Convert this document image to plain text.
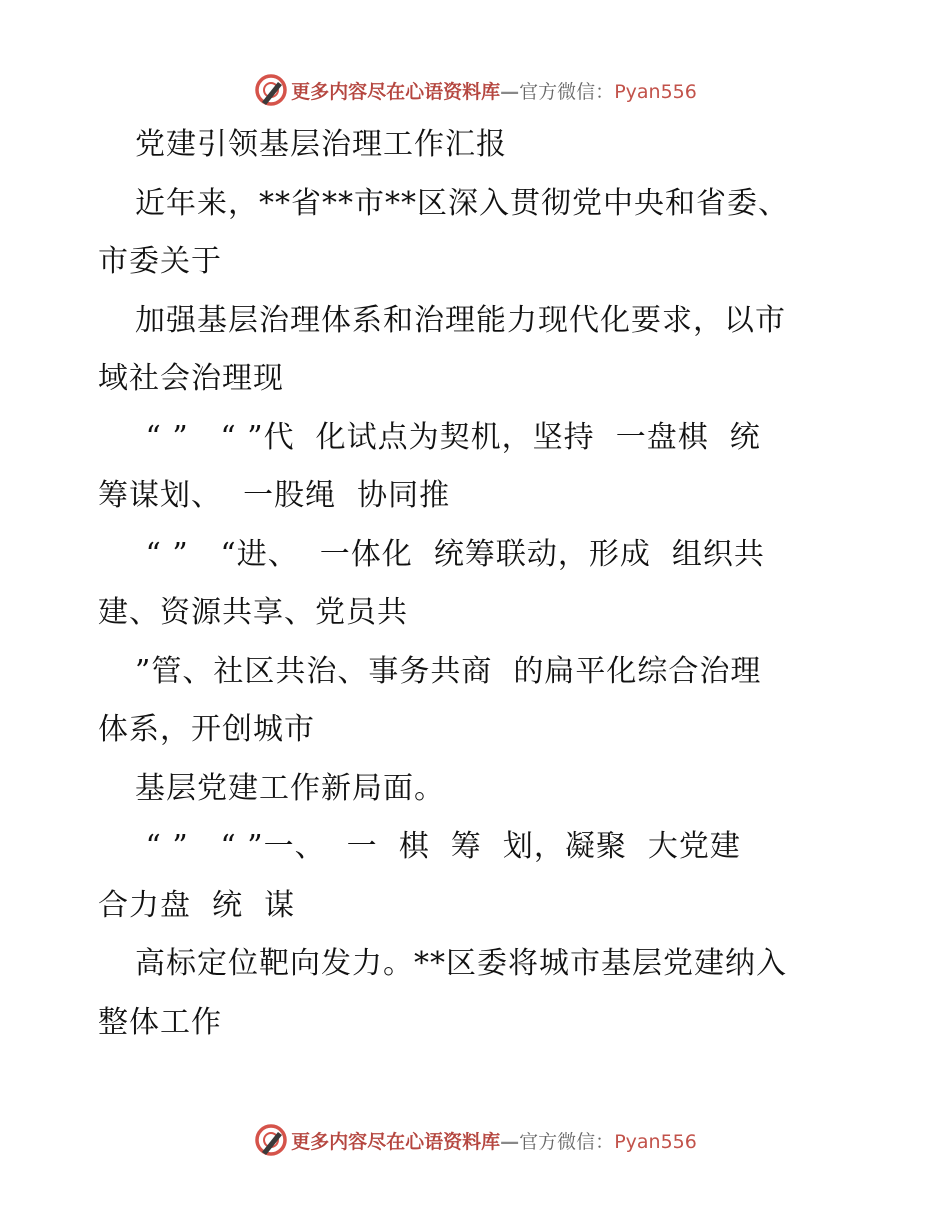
更多内容尽在心语资料库—官方微信：Pyan556
党建引领基层治理工作汇报
近年来，**省**市**区深入贯彻党中央和省委、
市委关于
加强基层治理体系和治理能力现代化要求，以市
域社会治理现
“ ”   “ ”代  化试点为契机，坚持  一盘棋  统
筹谋划、  一股绳  协同推
“ ”   “进、  一体化  统筹联动，形成  组织共
建、资源共享、党员共
”管、社区共治、事务共商  的扁平化综合治理
体系，开创城市
基层党建工作新局面。
“ ”   “ ”一、  一  棋  筹  划，凝聚  大党建
合力盘  统  谋
高标定位靶向发力。**区委将城市基层党建纳入
整体工作
更多内容尽在心语资料库—官方微信：Pyan556
